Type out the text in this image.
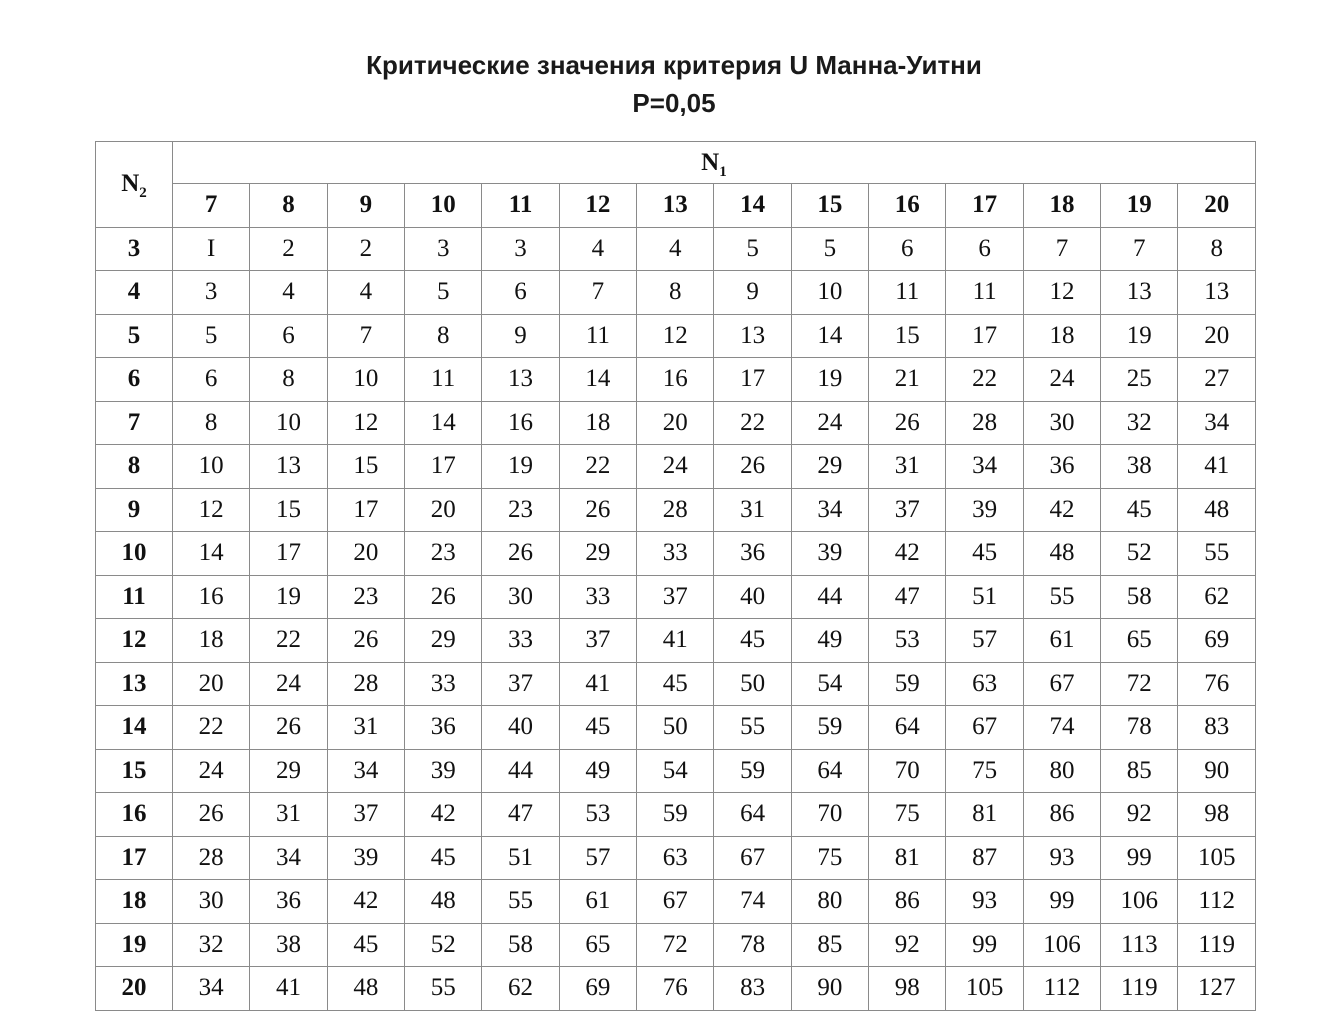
Критические значения критерия U Манна-Уитни
P=0,05
$N_2$	$N_1$
	7	8	9	10	11	12	13	14	15	16	17	18	19	20
3	I	2	2	3	3	4	4	5	5	6	6	7	7	8
4	3	4	4	5	6	7	8	9	10	11	11	12	13	13
5	5	6	7	8	9	11	12	13	14	15	17	18	19	20
6	6	8	10	11	13	14	16	17	19	21	22	24	25	27
7	8	10	12	14	16	18	20	22	24	26	28	30	32	34
8	10	13	15	17	19	22	24	26	29	31	34	36	38	41
9	12	15	17	20	23	26	28	31	34	37	39	42	45	48
10	14	17	20	23	26	29	33	36	39	42	45	48	52	55
11	16	19	23	26	30	33	37	40	44	47	51	55	58	62
12	18	22	26	29	33	37	41	45	49	53	57	61	65	69
13	20	24	28	33	37	41	45	50	54	59	63	67	72	76
14	22	26	31	36	40	45	50	55	59	64	67	74	78	83
15	24	29	34	39	44	49	54	59	64	70	75	80	85	90
16	26	31	37	42	47	53	59	64	70	75	81	86	92	98
17	28	34	39	45	51	57	63	67	75	81	87	93	99	105
18	30	36	42	48	55	61	67	74	80	86	93	99	106	112
19	32	38	45	52	58	65	72	78	85	92	99	106	113	119
20	34	41	48	55	62	69	76	83	90	98	105	112	119	127
